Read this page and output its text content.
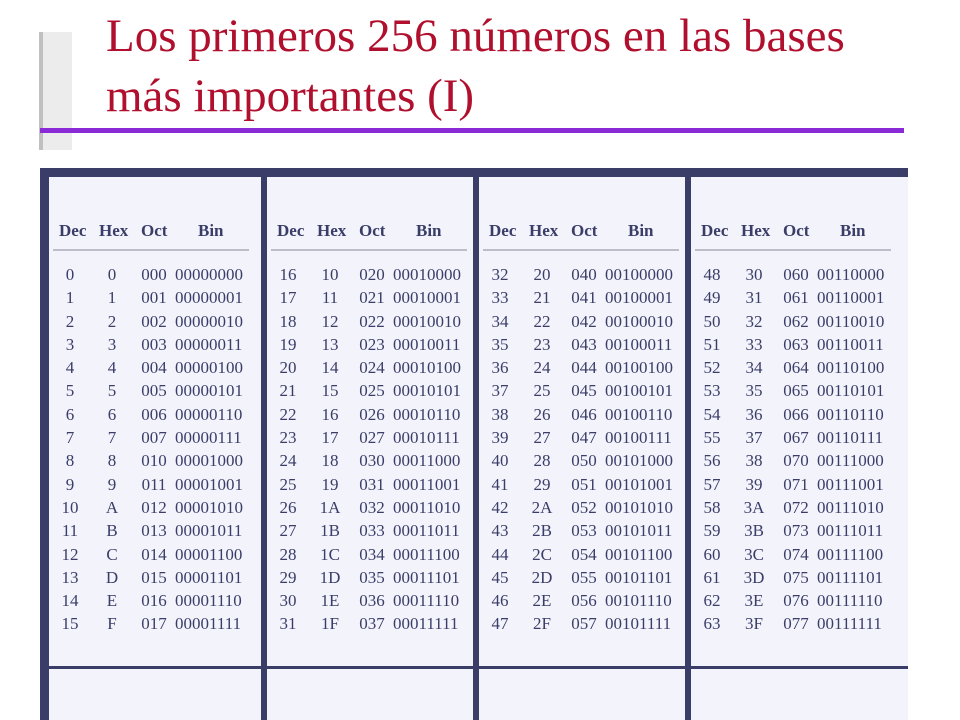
Los primeros 256 números en las bases más importantes (I)
Dec Hex Oct Bin
0	0	000 00000000
1	1	001 00000001
2	2	002 00000010
3	3	003 00000011
4	4	004 00000100
5	5	005 00000101
6	6	006 00000110
7	7	007 00000111
8	8	010 00001000
9	9	011 00001001
10	A	012 00001010
11	B	013 00001011
12	C	014 00001100
13	D	015 00001101
14	E	016 00001110
15	F	017 00001111
Dec Hex Oct Bin
16	10	020 00010000
17	11	021 00010001
18	12	022 00010010
19	13	023 00010011
20	14	024 00010100
21	15	025 00010101
22	16	026 00010110
23	17	027 00010111
24	18	030 00011000
25	19	031 00011001
26	1A 032 00011010
27	1B 033 00011011
28	1C 034 00011100
29	1D 035 00011101
30	1E	036 00011110
31	1F	037 00011111
Dec Hex Oct Bin
32	20	040 00100000
33	21	041 00100001
34	22	042 00100010
35	23	043 00100011
36	24	044 00100100
37	25	045 00100101
38	26	046 00100110
39	27	047 00100111
40	28	050 00101000
41	29	051 00101001
42	2A 052 00101010
43	2B 053 00101011
44	2C 054 00101100
45	2D 055 00101101
46	2E	056 00101110
47	2F	057 00101111
Dec Hex Oct Bin
48	30	060 00110000
49	31	061 00110001
50	32	062 00110010
51	33	063 00110011
52	34	064 00110100
53	35	065 00110101
54	36	066 00110110
55	37	067 00110111
56	38	070 00111000
57	39	071 00111001
58	3A 072 00111010
59	3B 073 00111011
60	3C 074 00111100
61	3D 075 00111101
62	3E	076 00111110
63	3F	077 00111111
